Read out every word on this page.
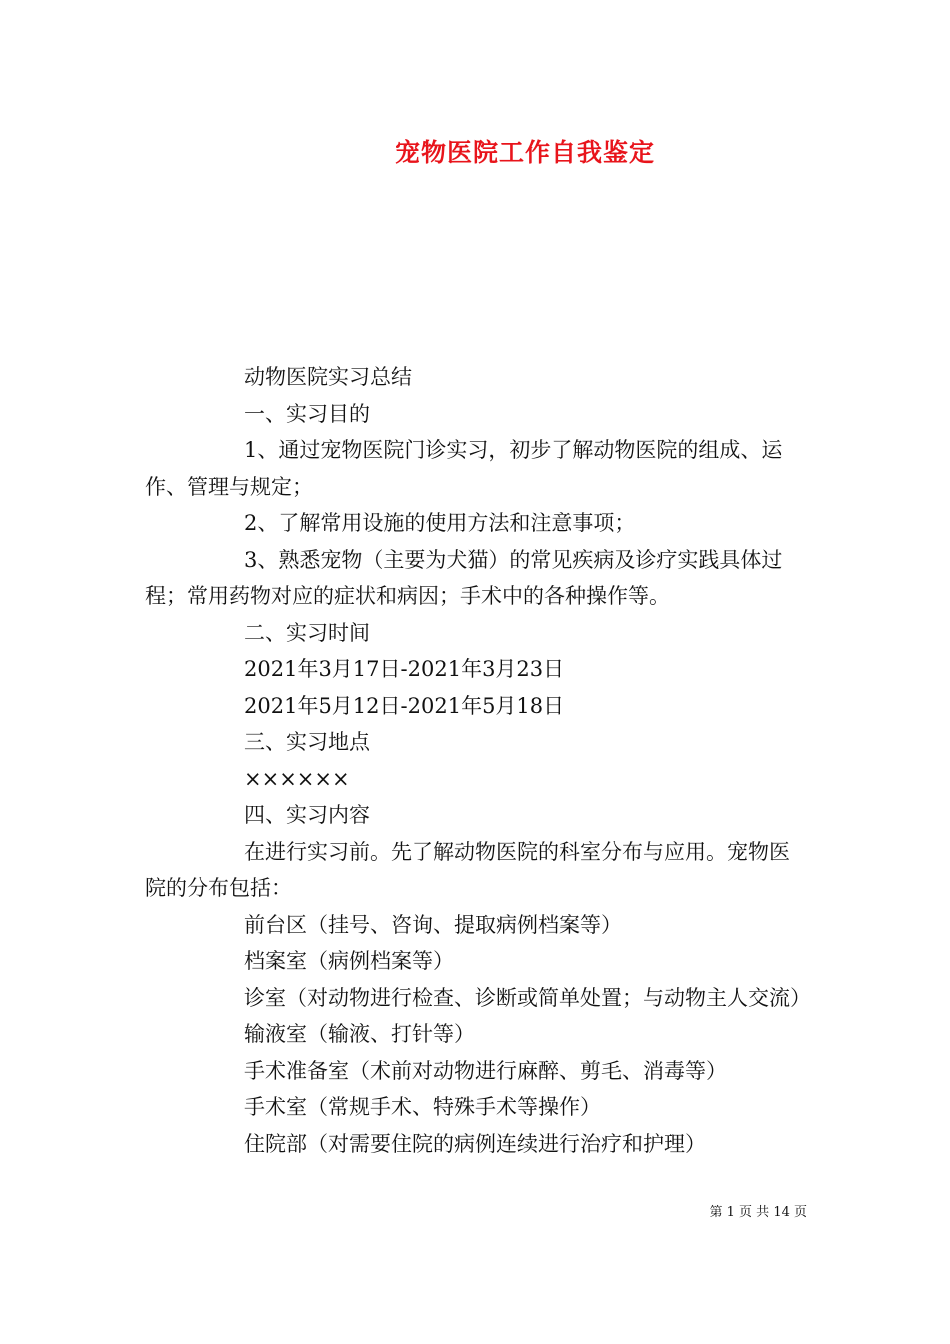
宠物医院工作自我鉴定

动物医院实习总结

一、实习目的

1、通过宠物医院门诊实习，初步了解动物医院的组成、运作、管理与规定；

2、了解常用设施的使用方法和注意事项；

3、熟悉宠物（主要为犬猫）的常见疾病及诊疗实践具体过程；常用药物对应的症状和病因；手术中的各种操作等。

二、实习时间

2021年3月17日-2021年3月23日

2021年5月12日-2021年5月18日

三、实习地点

××××××

四、实习内容

在进行实习前。先了解动物医院的科室分布与应用。宠物医院的分布包括：

前台区（挂号、咨询、提取病例档案等）

档案室（病例档案等）

诊室（对动物进行检查、诊断或简单处置；与动物主人交流）

输液室（输液、打针等）

手术准备室（术前对动物进行麻醉、剪毛、消毒等）

手术室（常规手术、特殊手术等操作）

住院部（对需要住院的病例连续进行治疗和护理）

第 1 页 共 14 页
